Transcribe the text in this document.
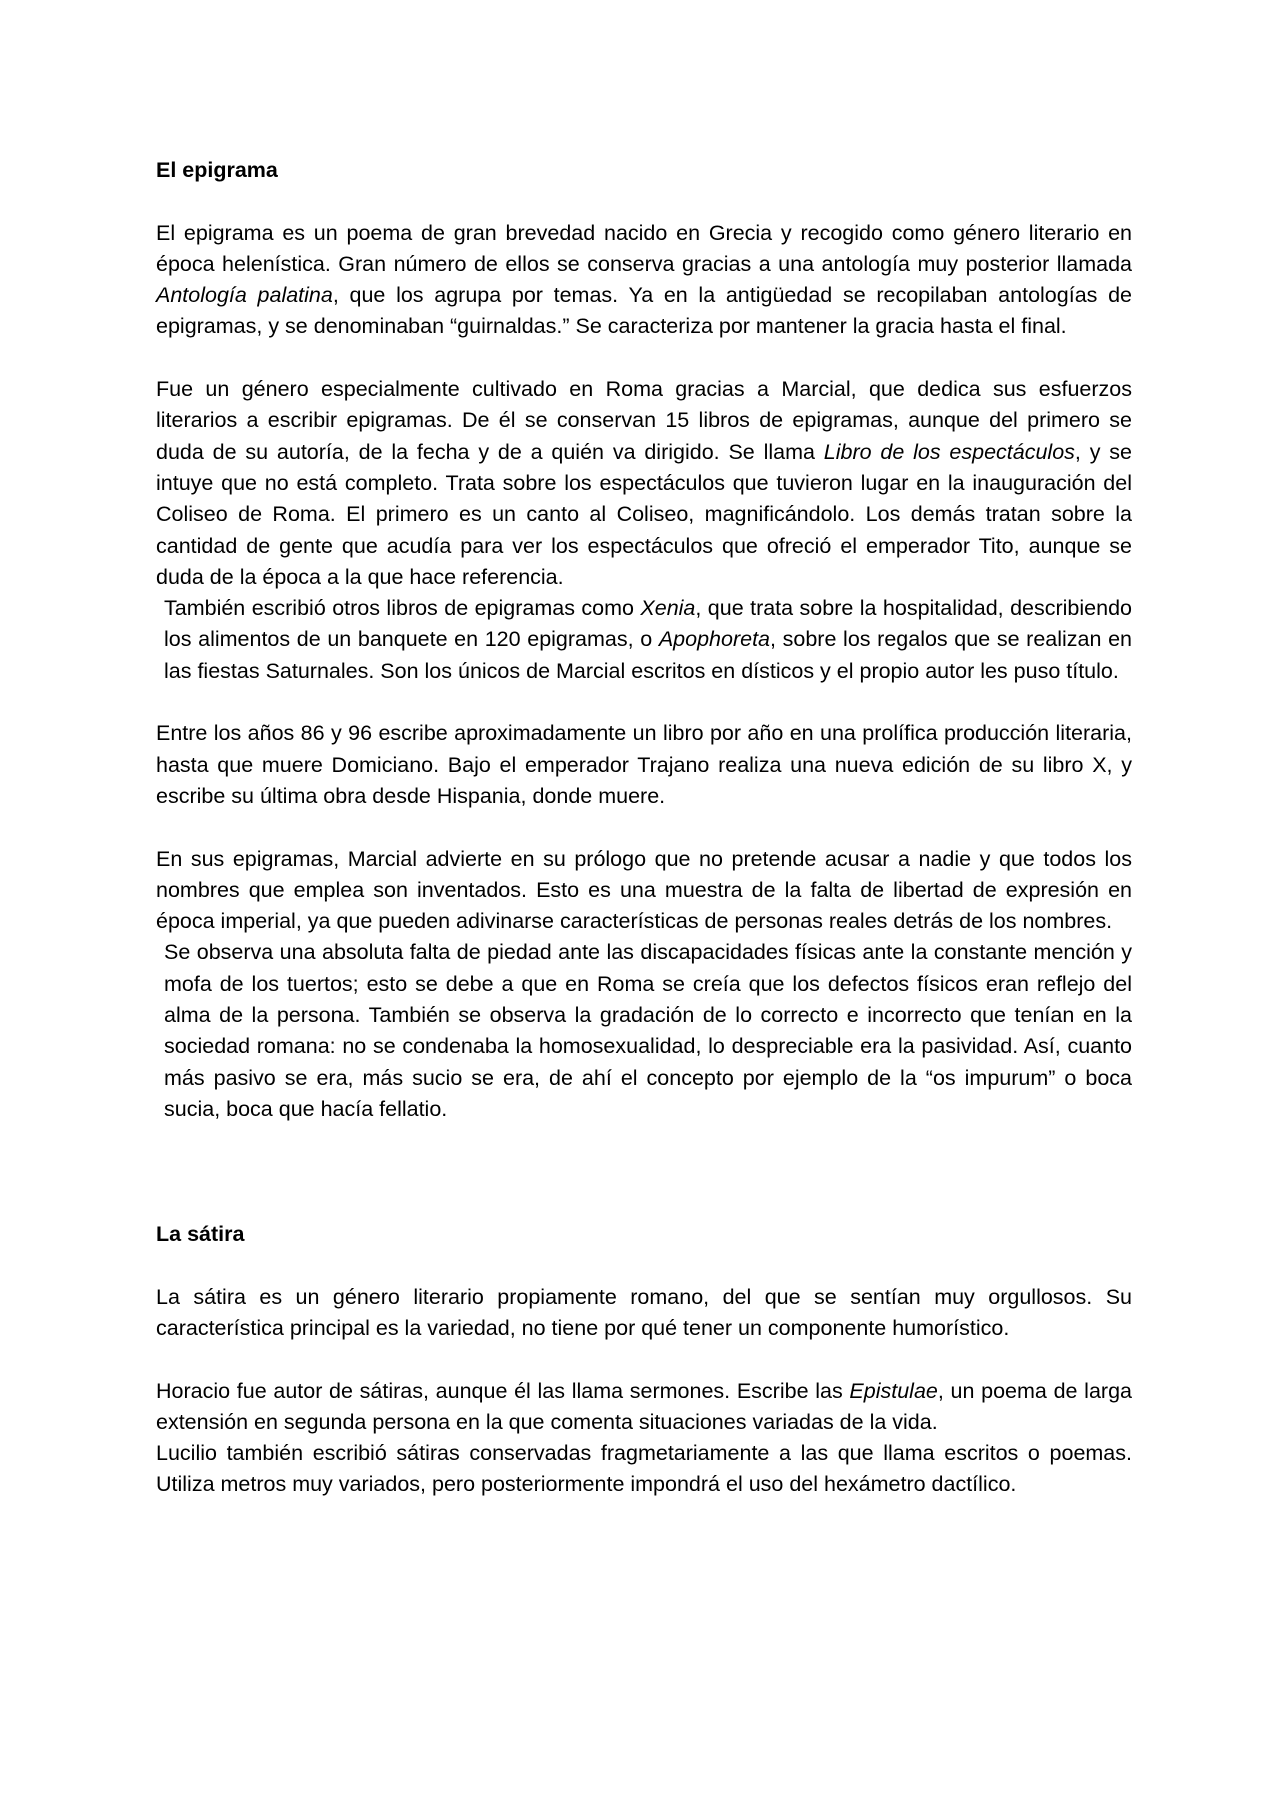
El epigrama

El epigrama es un poema de gran brevedad nacido en Grecia y recogido como género literario en época helenística. Gran número de ellos se conserva gracias a una antología muy posterior llamada Antología palatina, que los agrupa por temas. Ya en la antigüedad se recopilaban antologías de epigramas, y se denominaban “guirnaldas.” Se caracteriza por mantener la gracia hasta el final.

Fue un género especialmente cultivado en Roma gracias a Marcial, que dedica sus esfuerzos literarios a escribir epigramas. De él se conservan 15 libros de epigramas, aunque del primero se duda de su autoría, de la fecha y de a quién va dirigido. Se llama Libro de los espectáculos, y se intuye que no está completo. Trata sobre los espectáculos que tuvieron lugar en la inauguración del Coliseo de Roma. El primero es un canto al Coliseo, magnificándolo. Los demás tratan sobre la cantidad de gente que acudía para ver los espectáculos que ofreció el emperador Tito, aunque se duda de la época a la que hace referencia.

También escribió otros libros de epigramas como Xenia, que trata sobre la hospitalidad, describiendo los alimentos de un banquete en 120 epigramas, o Apophoreta, sobre los regalos que se realizan en las fiestas Saturnales. Son los únicos de Marcial escritos en dísticos y el propio autor les puso título.

Entre los años 86 y 96 escribe aproximadamente un libro por año en una prolífica producción literaria, hasta que muere Domiciano. Bajo el emperador Trajano realiza una nueva edición de su libro X, y escribe su última obra desde Hispania, donde muere.

En sus epigramas, Marcial advierte en su prólogo que no pretende acusar a nadie y que todos los nombres que emplea son inventados. Esto es una muestra de la falta de libertad de expresión en época imperial, ya que pueden adivinarse características de personas reales detrás de los nombres.

Se observa una absoluta falta de piedad ante las discapacidades físicas ante la constante mención y mofa de los tuertos; esto se debe a que en Roma se creía que los defectos físicos eran reflejo del alma de la persona. También se observa la gradación de lo correcto e incorrecto que tenían en la sociedad romana: no se condenaba la homosexualidad, lo despreciable era la pasividad. Así, cuanto más pasivo se era, más sucio se era, de ahí el concepto por ejemplo de la “os impurum” o boca sucia, boca que hacía fellatio.

La sátira

La sátira es un género literario propiamente romano, del que se sentían muy orgullosos. Su característica principal es la variedad, no tiene por qué tener un componente humorístico.

Horacio fue autor de sátiras, aunque él las llama sermones. Escribe las Epistulae, un poema de larga extensión en segunda persona en la que comenta situaciones variadas de la vida.

Lucilio también escribió sátiras conservadas fragmetariamente a las que llama escritos o poemas. Utiliza metros muy variados, pero posteriormente impondrá el uso del hexámetro dactílico.
